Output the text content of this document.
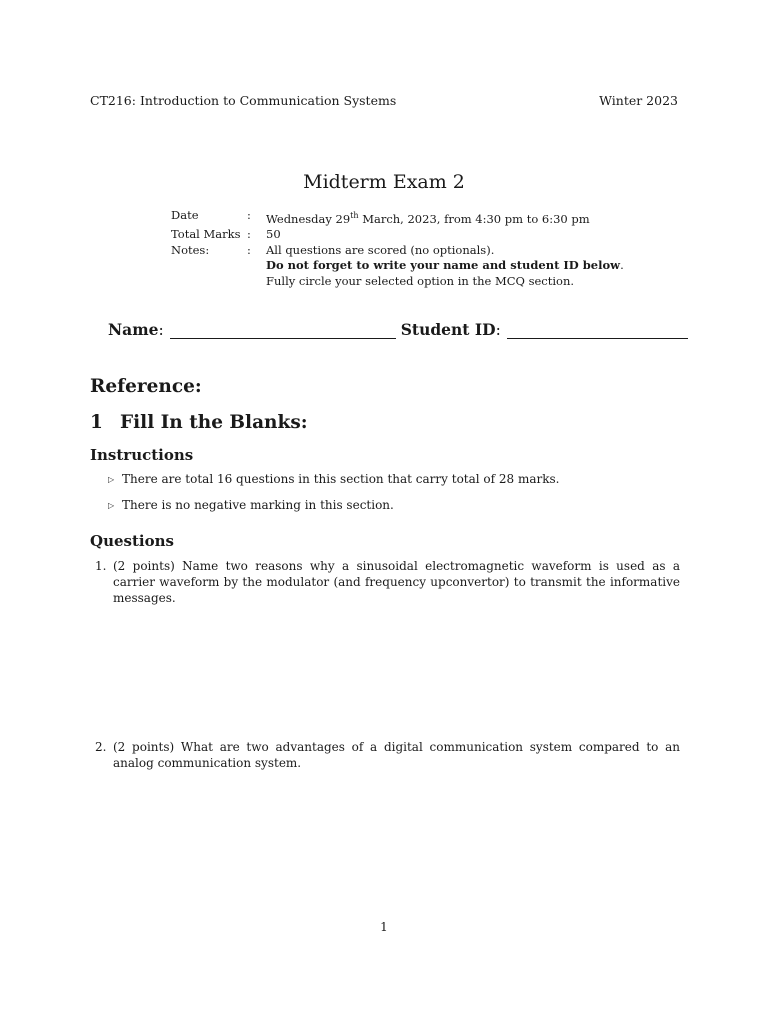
CT216: Introduction to Communication Systems	Winter 2023
Midterm Exam 2
Date	:	Wednesday 29th March, 2023, from 4:30 pm to 6:30 pm
Total Marks :	50
Notes:	:	All questions are scored (no optionals).
Do not forget to write your name and student ID below.
Fully circle your selected option in the MCQ section.
Name :	Student ID :
Reference:
1 Fill In the Blanks:
Instructions
▷ There are total 16 questions in this section that carry total of 28 marks.
▷ There is no negative marking in this section.
Questions
1. (2 points) Name two reasons why a sinusoidal electromagnetic waveform is used as a carrier waveform by the modulator (and frequency upconvertor) to transmit the informative messages.
2. (2 points) What are two advantages of a digital communication system compared to an analog communication system.
1
